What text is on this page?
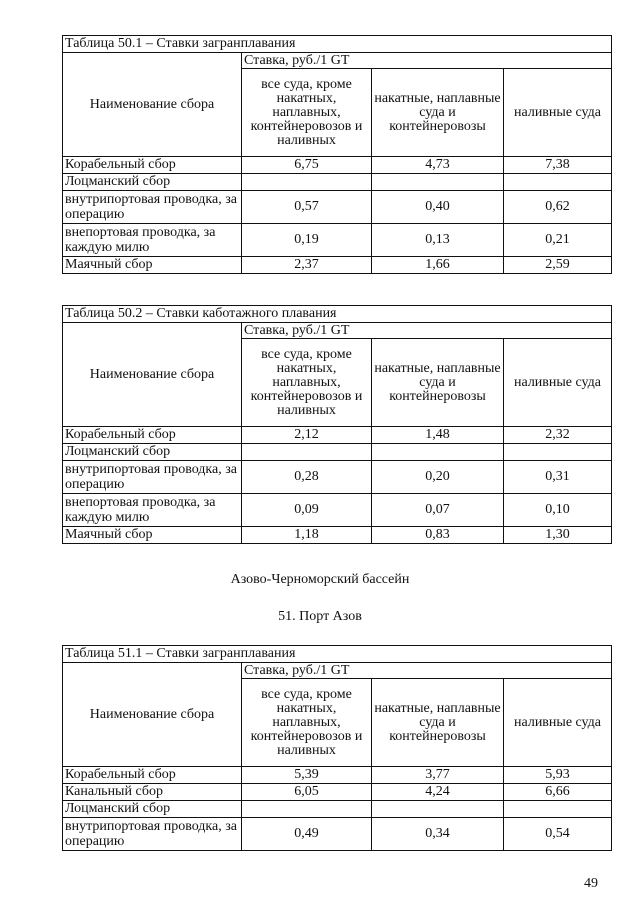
Таблица 50.1 – Ставки загранплавания			
Наименование сбора	Ставка, руб./1 GT		
	все суда, кроме накатных, наплавных, контейнеровозов и наливных	накатные, наплавные суда и контейнеровозы	наливные суда
Корабельный сбор	6,75	4,73	7,38
Лоцманский сбор			
внутрипортовая проводка, за операцию	0,57	0,40	0,62
внепортовая проводка, за каждую милю	0,19	0,13	0,21
Маячный сбор	2,37	1,66	2,59
Таблица 50.2 – Ставки каботажного плавания			
Наименование сбора	Ставка, руб./1 GT		
	все суда, кроме накатных, наплавных, контейнеровозов и наливных	накатные, наплавные суда и контейнеровозы	наливные суда
Корабельный сбор	2,12	1,48	2,32
Лоцманский сбор			
внутрипортовая проводка, за операцию	0,28	0,20	0,31
внепортовая проводка, за каждую милю	0,09	0,07	0,10
Маячный сбор	1,18	0,83	1,30
Азово-Черноморский бассейн
51. Порт Азов
Таблица 51.1 – Ставки загранплавания			
Наименование сбора	Ставка, руб./1 GT		
	все суда, кроме накатных, наплавных, контейнеровозов и наливных	накатные, наплавные суда и контейнеровозы	наливные суда
Корабельный сбор	5,39	3,77	5,93
Канальный сбор	6,05	4,24	6,66
Лоцманский сбор			
внутрипортовая проводка, за операцию	0,49	0,34	0,54
49
